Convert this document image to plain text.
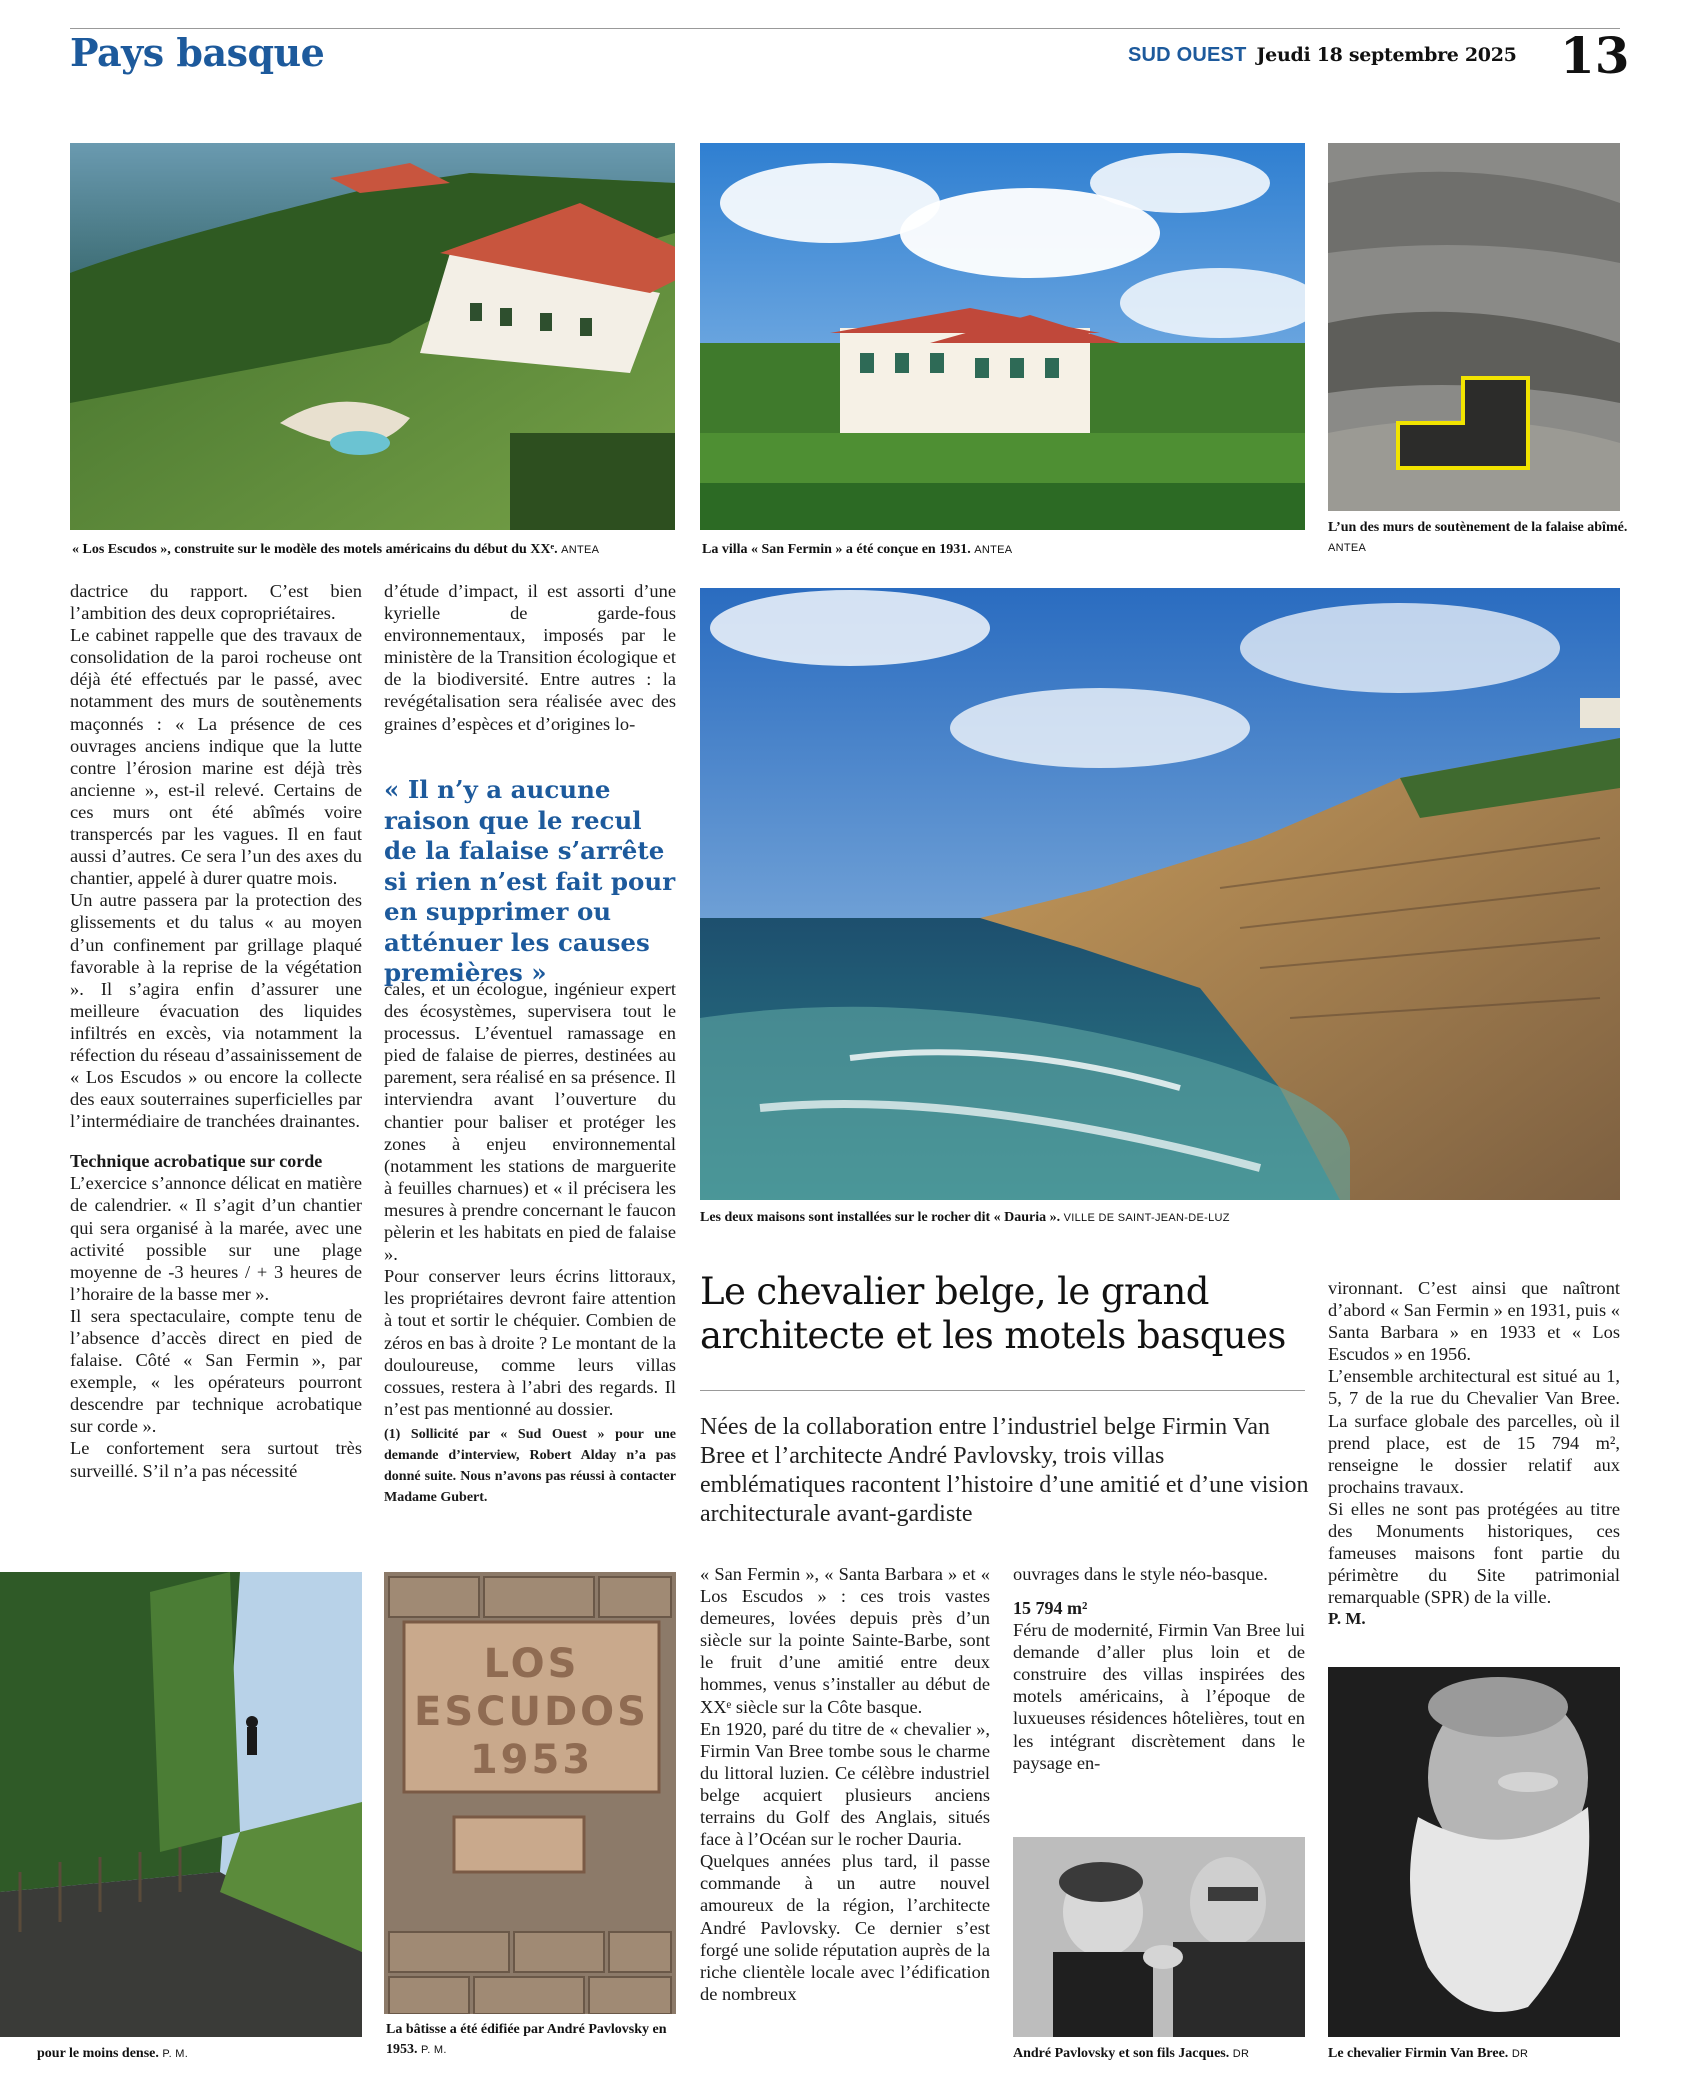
Pays basque	SUD OUEST Jeudi 18 septembre 2025 13
« Los Escudos », construite sur le modèle des motels américains du début du XXᵉ. ANTEA	La villa « San Fermin » a été conçue en 1931. ANTEA
L’un des murs de soutènement de la falaise abîmé. ANTEA

dactrice du rapport. C’est bien l’ambition des deux copropriétaires.

Le cabinet rappelle que des travaux de consolidation de la paroi rocheuse ont déjà été effectués par le passé, avec notamment des murs de soutènements maçonnés : « La présence de ces ouvrages anciens indique que la lutte contre l’érosion marine est déjà très ancienne », est-il relevé. Certains de ces murs ont été abîmés voire transpercés par les vagues. Il en faut aussi d’autres. Ce sera l’un des axes du chantier, appelé à durer quatre mois.

Un autre passera par la protection des glissements et du talus « au moyen d’un confinement par grillage plaqué favorable à la reprise de la végétation ». Il s’agira enfin d’assurer une meilleure évacuation des liquides infiltrés en excès, via notamment la réfection du réseau d’assainissement de « Los Escudos » ou encore la collecte des eaux souterraines superficielles par l’intermédiaire de tranchées drainantes.

Technique acrobatique sur corde

L’exercice s’annonce délicat en matière de calendrier. « Il s’agit d’un chantier qui sera organisé à la marée, avec une activité possible sur une plage moyenne de -3 heures / + 3 heures de l’horaire de la basse mer ».

Il sera spectaculaire, compte tenu de l’absence d’accès direct en pied de falaise. Côté « San Fermin », par exemple, « les opérateurs pourront descendre par technique acrobatique sur corde ».

Le confortement sera surtout très surveillé. S’il n’a pas nécessité

d’étude d’impact, il est assorti d’une kyrielle de garde-fous environnementaux, imposés par le ministère de la Transition écologique et de la biodiversité. Entre autres : la revégétalisation sera réalisée avec des graines d’espèces et d’origines lo-

« Il n’y a aucune raison que le recul de la falaise s’arrête si rien n’est fait pour en supprimer ou atténuer les causes premières »

cales, et un écologue, ingénieur expert des écosystèmes, supervisera tout le processus. L’éventuel ramassage en pied de falaise de pierres, destinées au parement, sera réalisé en sa présence. Il interviendra avant l’ouverture du chantier pour baliser et protéger les zones à enjeu environnemental (notamment les stations de marguerite à feuilles charnues) et « il précisera les mesures à prendre concernant le faucon pèlerin et les habitats en pied de falaise ».

Pour conserver leurs écrins littoraux, les propriétaires devront faire attention à tout et sortir le chéquier. Combien de zéros en bas à droite ? Le montant de la douloureuse, comme leurs villas cossues, restera à l’abri des regards. Il n’est pas mentionné au dossier.

(1) Sollicité par « Sud Ouest » pour une demande d’interview, Robert Alday n’a pas donné suite. Nous n’avons pas réussi à contacter Madame Gubert.

Les deux maisons sont installées sur le rocher dit « Dauria ». VILLE DE SAINT-JEAN-DE-LUZ
Le chevalier belge, le grand architecte et les motels basques
Nées de la collaboration entre l’industriel belge Firmin Van Bree et l’architecte André Pavlovsky, trois villas emblématiques racontent l’histoire d’une amitié et d’une vision architecturale avant-gardiste

« San Fermin », « Santa Barbara » et « Los Escudos » : ces trois vastes demeures, lovées depuis près d’un siècle sur la pointe Sainte-Barbe, sont le fruit d’une amitié entre deux hommes, venus s’installer au début de XXᵉ siècle sur la Côte basque.

En 1920, paré du titre de « chevalier », Firmin Van Bree tombe sous le charme du littoral luzien. Ce célèbre industriel belge acquiert plusieurs anciens terrains du Golf des Anglais, situés face à l’Océan sur le rocher Dauria.

Quelques années plus tard, il passe commande à un autre nouvel amoureux de la région, l’architecte André Pavlovsky. Ce dernier s’est forgé une solide réputation auprès de la riche clientèle locale avec l’édification de nombreux

ouvrages dans le style néo-basque.

15 794 m²

Féru de modernité, Firmin Van Bree lui demande d’aller plus loin et de construire des villas inspirées des motels américains, à l’époque de luxueuses résidences hôtelières, tout en les intégrant discrètement dans le paysage en-

vironnant. C’est ainsi que naîtront d’abord « San Fermin » en 1931, puis « Santa Barbara » en 1933 et « Los Escudos » en 1956.

L’ensemble architectural est situé au 1, 5, 7 de la rue du Chevalier Van Bree. La surface globale des parcelles, où il prend place, est de 15 794 m², renseigne le dossier relatif aux prochains travaux.

Si elles ne sont pas protégées au titre des Monuments historiques, ces fameuses maisons font partie du périmètre du Site patrimonial remarquable (SPR) de la ville.

P. M.

pour le moins dense. P. M.
LOS ESCUDOS 1953
La bâtisse a été édifiée par André Pavlovsky en 1953. P. M.	André Pavlovsky et son fils Jacques. DR	Le chevalier Firmin Van Bree. DR
